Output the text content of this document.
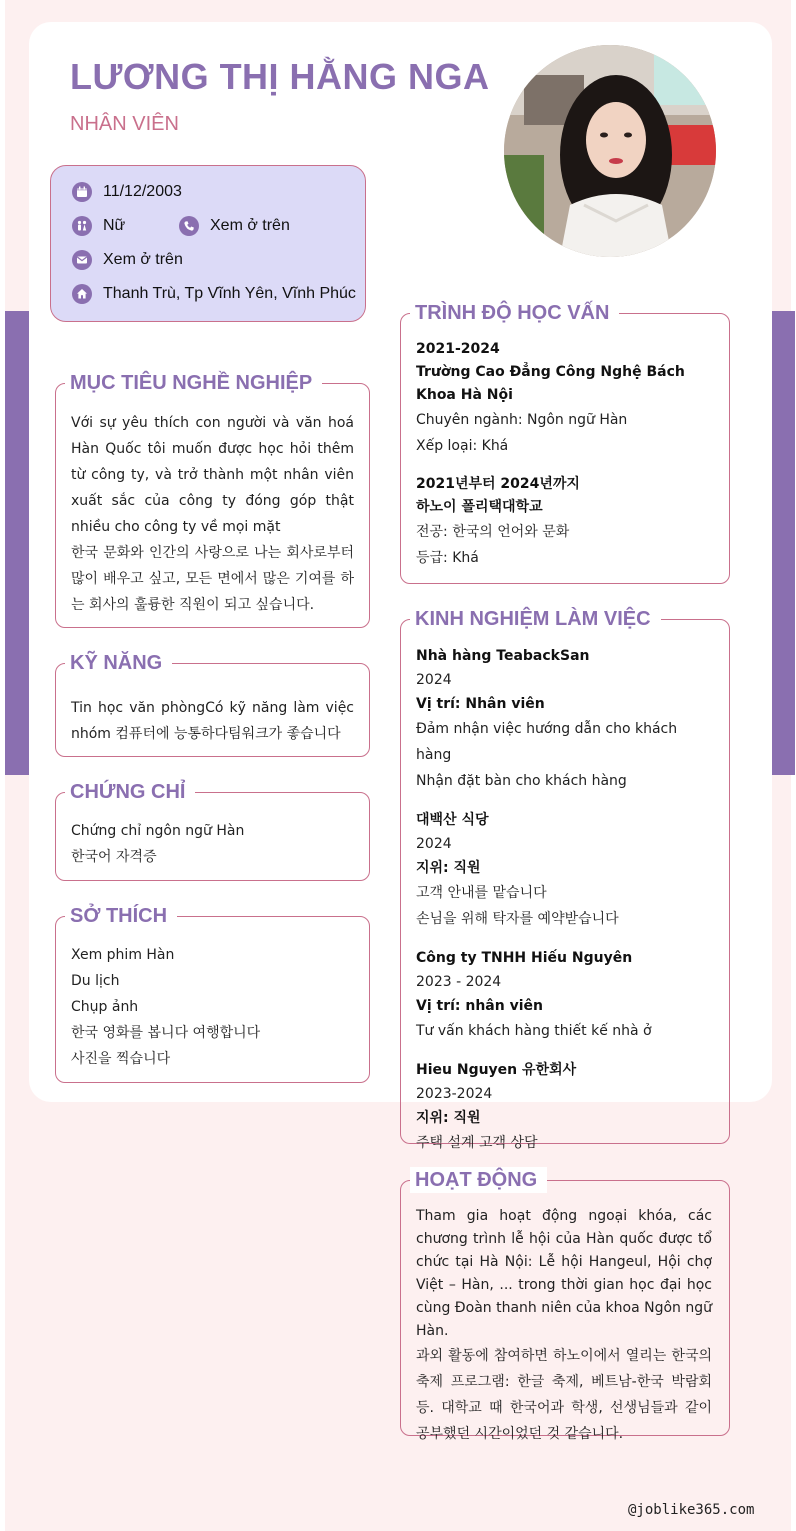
LƯƠNG THỊ HẰNG NGA
NHÂN VIÊN
11/12/2003
Nữ	Xem ở trên
Xem ở trên
Thanh Trù, Tp Vĩnh Yên, Vĩnh Phúc
MỤC TIÊU NGHỀ NGHIỆP
Với sự yêu thích con người và văn hoá Hàn Quốc tôi muốn được học hỏi thêm từ công ty, và trở thành một nhân viên xuất sắc của công ty đóng góp thật nhiều cho công ty về mọi mặt
한국 문화와 인간의 사랑으로 나는 회사로부터 많이 배우고 싶고, 모든 면에서 많은 기여를 하는 회사의 훌륭한 직원이 되고 싶습니다.
KỸ NĂNG
Tin học văn phòngCó kỹ năng làm việc nhóm 컴퓨터에 능통하다팀워크가 좋습니다
CHỨNG CHỈ
Chứng chỉ ngôn ngữ Hàn
한국어 자격증
SỞ THÍCH
Xem phim Hàn
Du lịch
Chụp ảnh
한국 영화를 봅니다 여행합니다
사진을 찍습니다
TRÌNH ĐỘ HỌC VẤN
2021-2024
Trường Cao Đẳng Công Nghệ Bách Khoa Hà Nội
Chuyên ngành: Ngôn ngữ Hàn
Xếp loại: Khá
2021년부터 2024년까지
하노이 폴리택대학교
전공: 한국의 언어와 문화
등급: Khá
KINH NGHIỆM LÀM VIỆC
Nhà hàng TeabackSan
2024
Vị trí: Nhân viên
Đảm nhận việc hướng dẫn cho khách hàng
Nhận đặt bàn cho khách hàng
대백산 식당
2024
지위: 직원
고객 안내를 맡습니다
손님을 위해 탁자를 예약받습니다
Công ty TNHH Hiếu Nguyên
2023 - 2024
Vị trí: nhân viên
Tư vấn khách hàng thiết kế nhà ở
Hieu Nguyen 유한회사
2023-2024
지위: 직원
주택 설계 고객 상담
HOẠT ĐỘNG
Tham gia hoạt động ngoại khóa, các chương trình lễ hội của Hàn quốc được tổ chức tại Hà Nội: Lễ hội Hangeul, Hội chợ Việt – Hàn, ... trong thời gian học đại học cùng Đoàn thanh niên của khoa Ngôn ngữ Hàn.
과외 활동에 참여하면 하노이에서 열리는 한국의 축제 프로그램: 한글 축제, 베트남-한국 박람회 등. 대학교 때 한국어과 학생, 선생님들과 같이 공부했던 시간이었던 것 같습니다.
@joblike365.com
